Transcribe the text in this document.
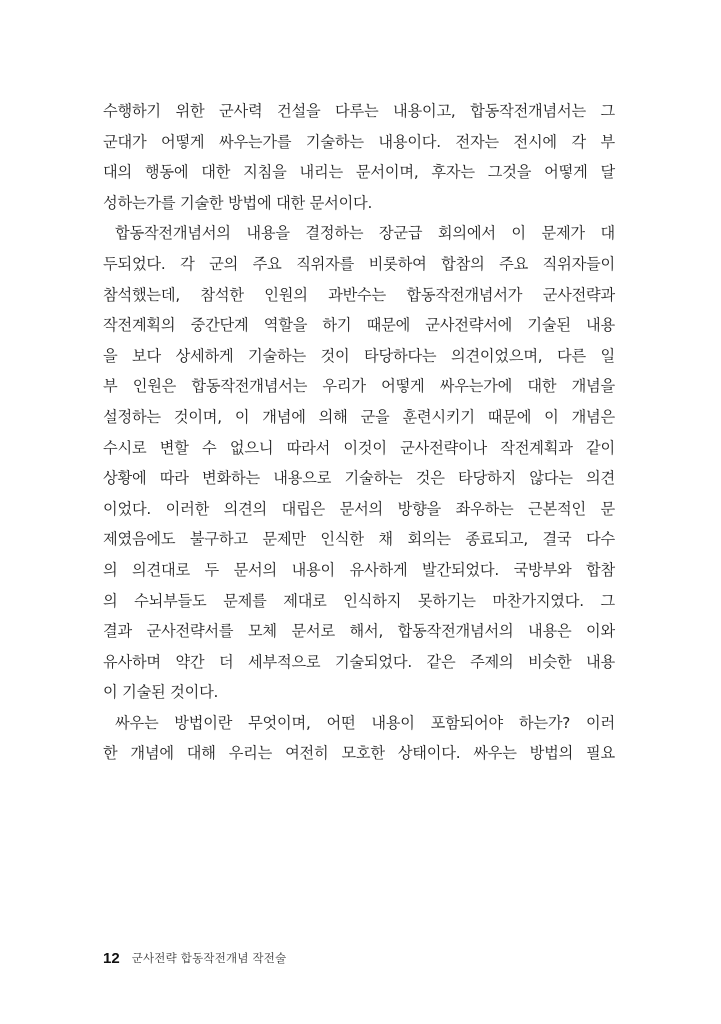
수행하기 위한 군사력 건설을 다루는 내용이고, 합동작전개념서는 그
군대가 어떻게 싸우는가를 기술하는 내용이다. 전자는 전시에 각 부
대의 행동에 대한 지침을 내리는 문서이며, 후자는 그것을 어떻게 달
성하는가를 기술한 방법에 대한 문서이다.
합동작전개념서의 내용을 결정하는 장군급 회의에서 이 문제가 대
두되었다. 각 군의 주요 직위자를 비롯하여 합참의 주요 직위자들이
참석했는데, 참석한 인원의 과반수는 합동작전개념서가 군사전략과
작전계획의 중간단계 역할을 하기 때문에 군사전략서에 기술된 내용
을 보다 상세하게 기술하는 것이 타당하다는 의견이었으며, 다른 일
부 인원은 합동작전개념서는 우리가 어떻게 싸우는가에 대한 개념을
설정하는 것이며, 이 개념에 의해 군을 훈련시키기 때문에 이 개념은
수시로 변할 수 없으니 따라서 이것이 군사전략이나 작전계획과 같이
상황에 따라 변화하는 내용으로 기술하는 것은 타당하지 않다는 의견
이었다. 이러한 의견의 대립은 문서의 방향을 좌우하는 근본적인 문
제였음에도 불구하고 문제만 인식한 채 회의는 종료되고, 결국 다수
의 의견대로 두 문서의 내용이 유사하게 발간되었다. 국방부와 합참
의 수뇌부들도 문제를 제대로 인식하지 못하기는 마찬가지였다. 그
결과 군사전략서를 모체 문서로 해서, 합동작전개념서의 내용은 이와
유사하며 약간 더 세부적으로 기술되었다. 같은 주제의 비슷한 내용
이 기술된 것이다.
싸우는 방법이란 무엇이며, 어떤 내용이 포함되어야 하는가? 이러
한 개념에 대해 우리는 여전히 모호한 상태이다. 싸우는 방법의 필요
12 군사전략 합동작전개념 작전술
